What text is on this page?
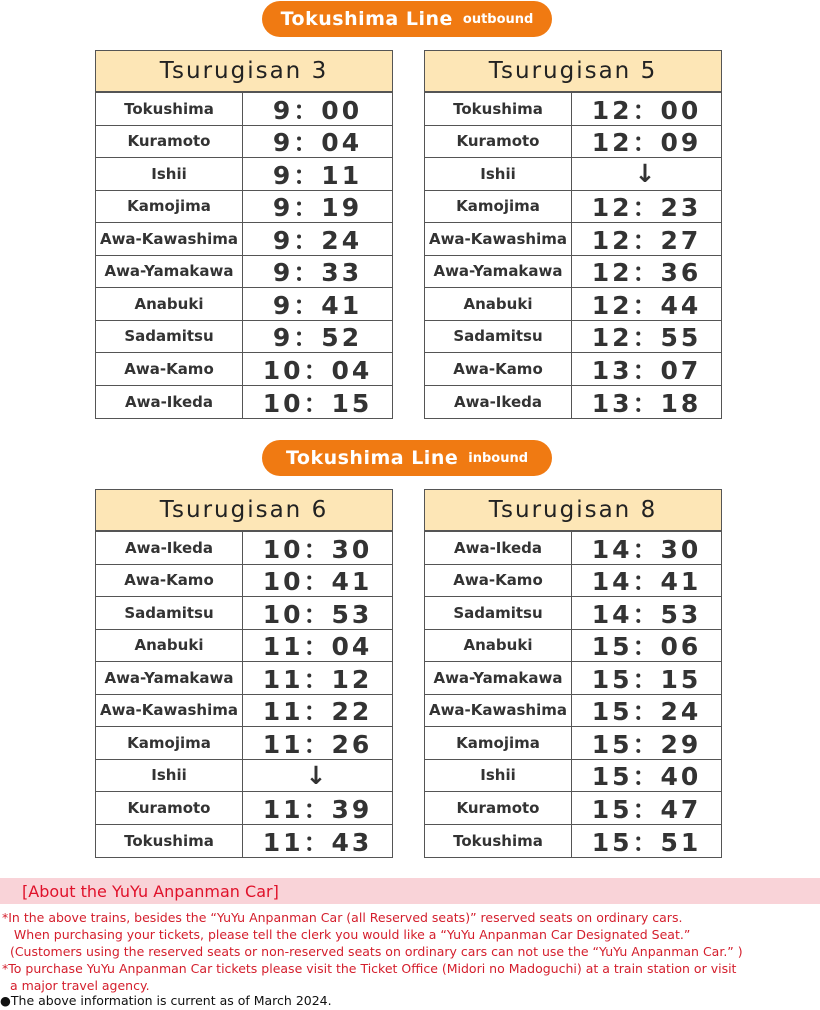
Tokushima Line outbound
Tokushima Line inbound
Tsurugisan 3
Tokushima	9：00
Kuramoto	9：04
Ishii	9：11
Kamojima	9：19
Awa-Kawashima	9：24
Awa-Yamakawa	9：33
Anabuki	9：41
Sadamitsu	9：52
Awa-Kamo	10：04
Awa-Ikeda	10：15
Tsurugisan 5
Tokushima	12：00
Kuramoto	12：09
Ishii	↓
Kamojima	12：23
Awa-Kawashima 12：27
Awa-Yamakawa	12：36
Anabuki	12：44
Sadamitsu	12：55
Awa-Kamo	13：07
Awa-Ikeda	13：18
Tsurugisan 6
Awa-Ikeda	10：30
Awa-Kamo	10：41
Sadamitsu	10：53
Anabuki	11：04
Awa-Yamakawa	11：12
Awa-Kawashima 11：22
Kamojima	11：26
Ishii	↓
Kuramoto	11：39
Tokushima	11：43
Tsurugisan 8
Awa-Ikeda	14：30
Awa-Kamo	14：41
Sadamitsu	14：53
Anabuki	15：06
Awa-Yamakawa	15：15
Awa-Kawashima 15：24
Kamojima	15：29
Ishii	15：40
Kuramoto	15：47
Tokushima	15：51
[About the YuYu Anpanman Car]
*In the above trains, besides the “YuYu Anpanman Car (all Reserved seats)” reserved seats on ordinary cars.
When purchasing your tickets, please tell the clerk you would like a “YuYu Anpanman Car Designated Seat.”
(Customers using the reserved seats or non-reserved seats on ordinary cars can not use the “YuYu Anpanman Car.” )
*To purchase YuYu Anpanman Car tickets please visit the Ticket Office (Midori no Madoguchi) at a train station or visit
a major travel agency.
●The above information is current as of March 2024.
